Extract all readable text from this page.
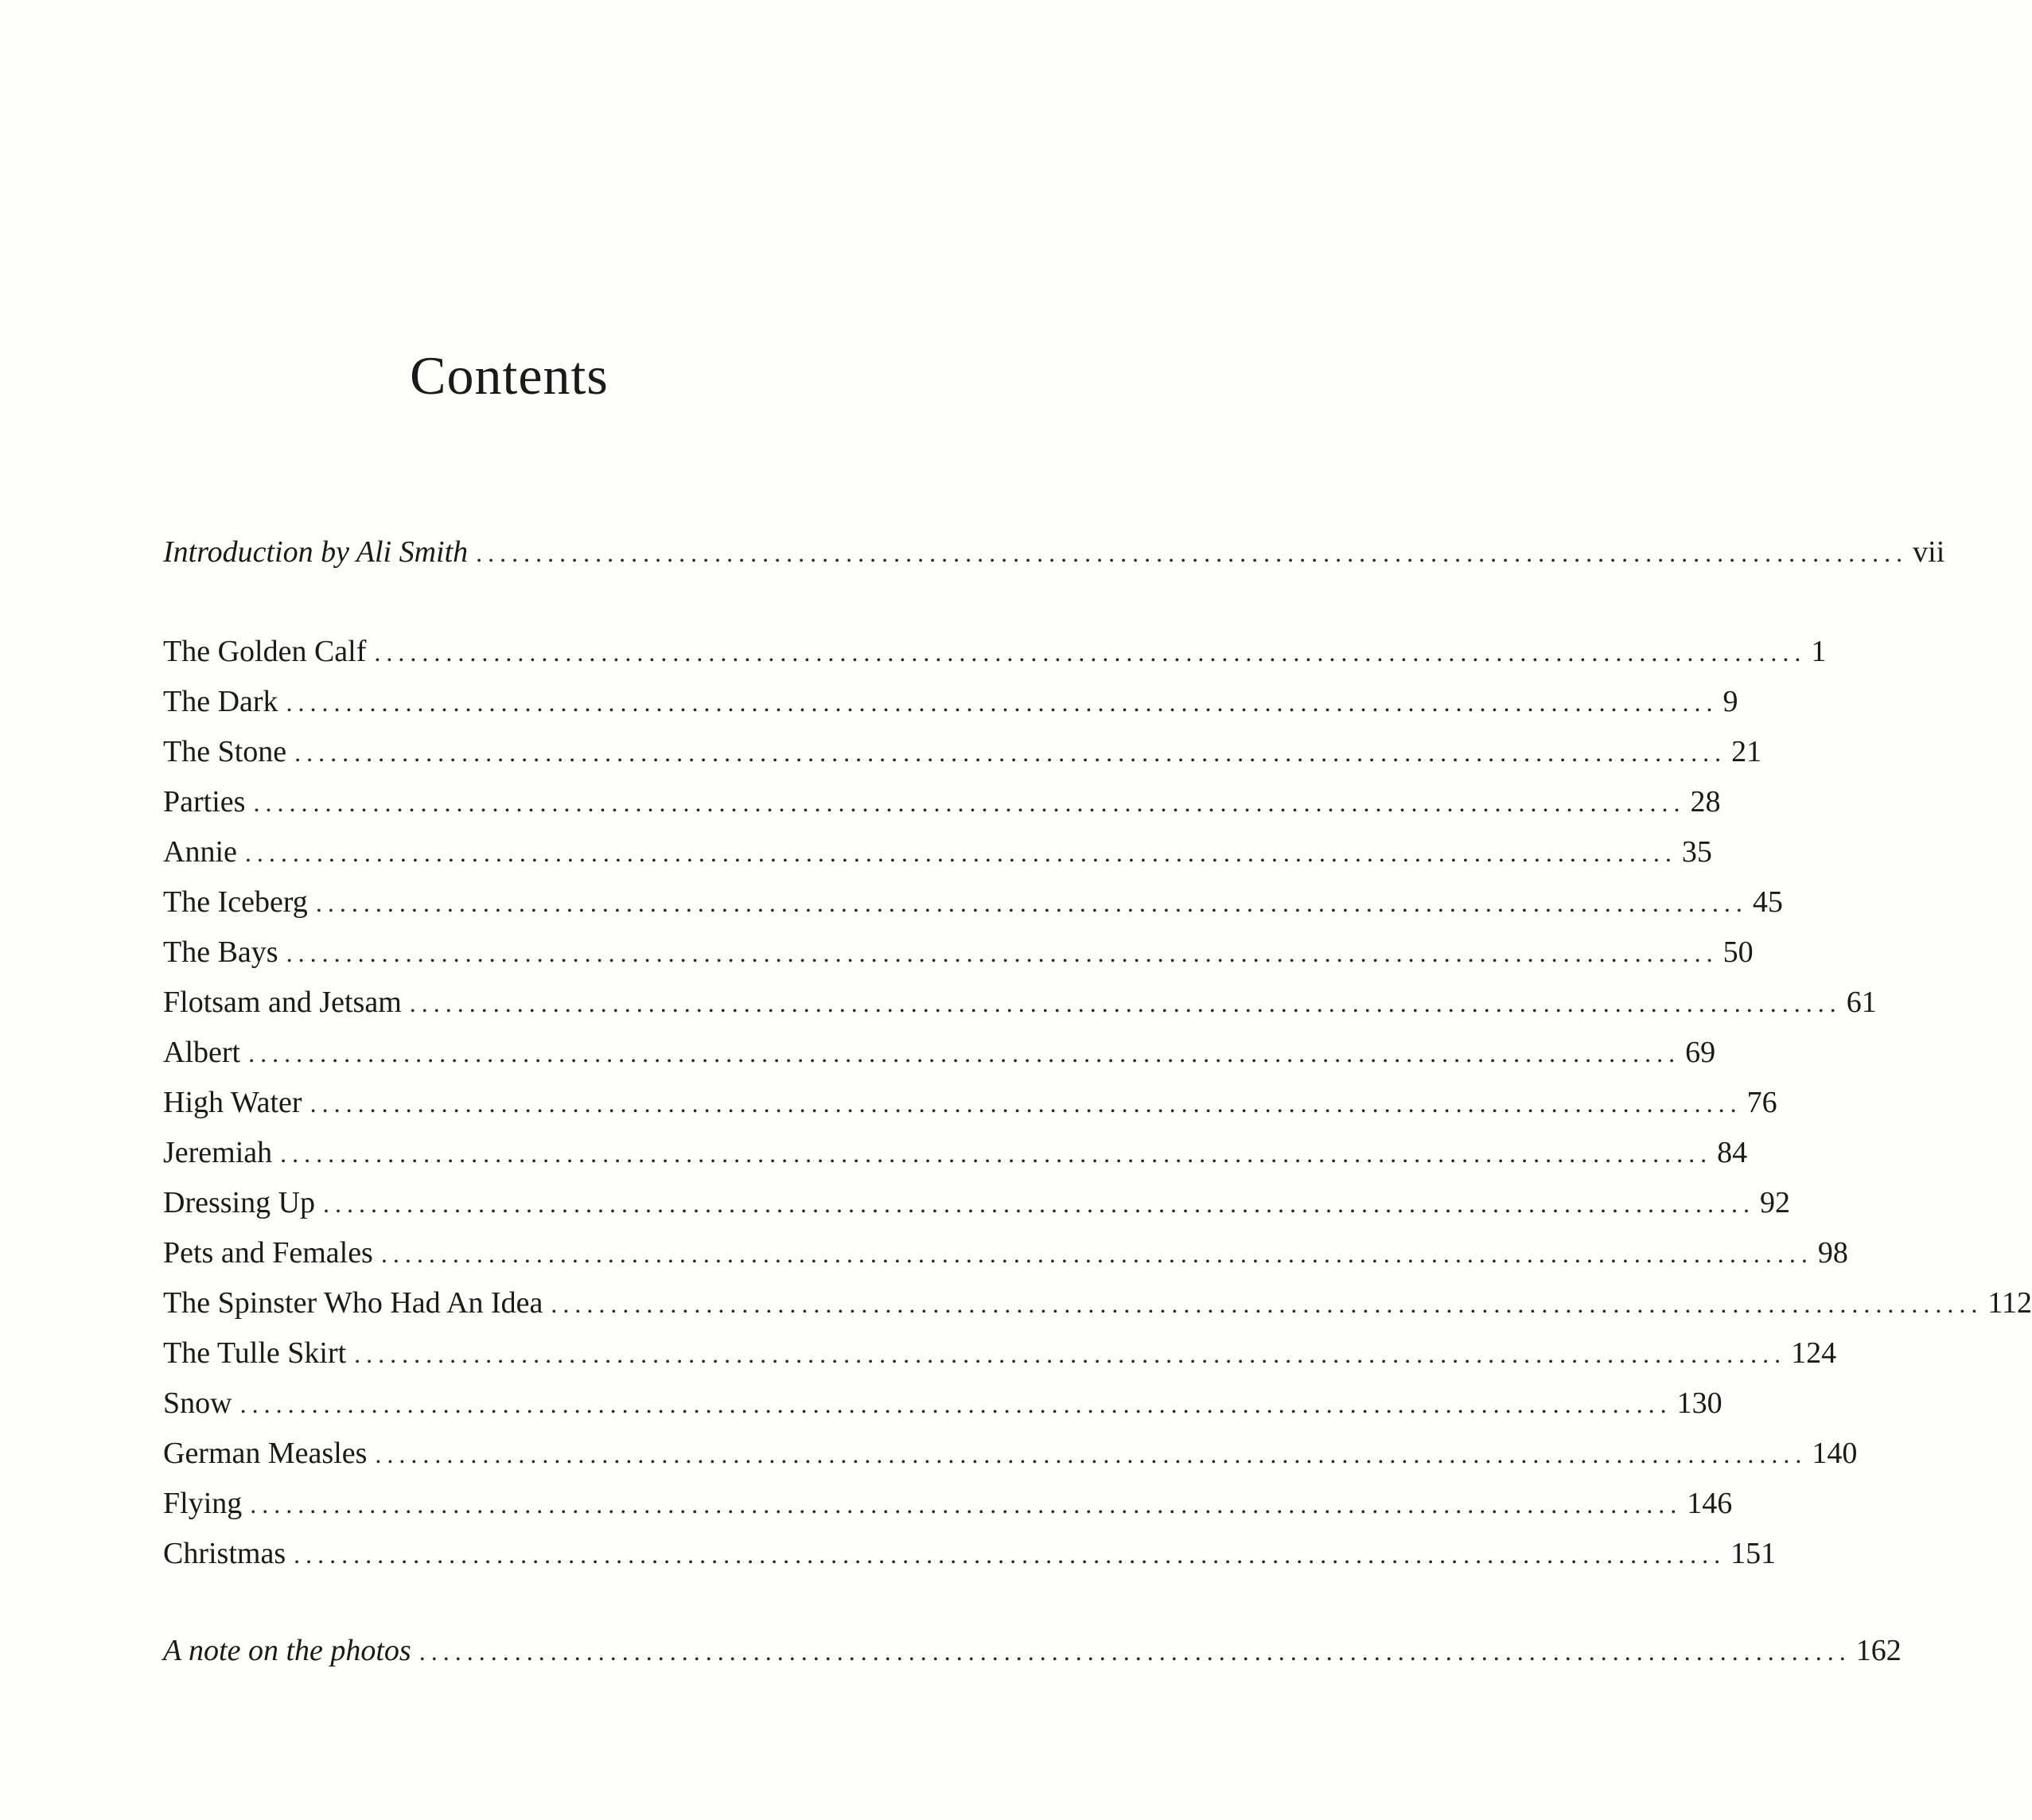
Contents
Introduction by Ali Smith ........................................................................................................................ vii
The Golden Calf ........................................................................................................................ 1
The Dark ........................................................................................................................ 9
The Stone ........................................................................................................................ 21
Parties ........................................................................................................................ 28
Annie ........................................................................................................................ 35
The Iceberg ........................................................................................................................ 45
The Bays ........................................................................................................................ 50
Flotsam and Jetsam ........................................................................................................................ 61
Albert ........................................................................................................................ 69
High Water ........................................................................................................................ 76
Jeremiah ........................................................................................................................ 84
Dressing Up ........................................................................................................................ 92
Pets and Females ........................................................................................................................ 98
The Spinster Who Had An Idea ........................................................................................................................ 112
The Tulle Skirt ........................................................................................................................ 124
Snow ........................................................................................................................ 130
German Measles ........................................................................................................................ 140
Flying ........................................................................................................................ 146
Christmas ........................................................................................................................ 151
A note on the photos ........................................................................................................................ 162
